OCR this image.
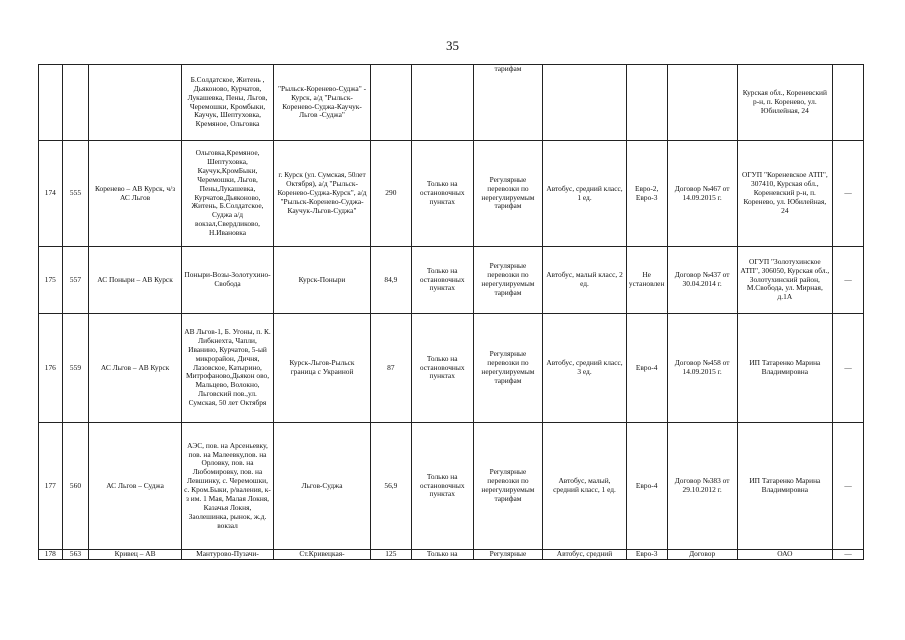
35
			Б.Солдатское, Житень , Дьяконово, Курчатов, Лукашевка, Пены, Льгов, Черемошки, Кромбыки, Каучук, Шептуховка, Кремяное, Ольговка	"Рыльск-Кореневo-Суджа" - Курск, а/д "Рыльск-Кореневo-Суджа-Каучук-Льгов -Суджа"			тарифам				Курская обл., Кореневский р-н, п. Коренево, ул. Юбилейная, 24	
174	555	Коренево – АВ Курск, ч/з АС Льгов	Ольговка,Кремяное, Шептуховка, Каучук,КромБыки, Черемошки, Льгов, Пены,Лукашевка, Курчатов,Дьяконово, Житень, Б.Солдатское, Суджа а/д вокзал,Свердликово, Н.Ивановка	г. Курск (ул. Сумская, 50лет Октября), а/д "Рыльск-Коренево-Суджа-Курск", а/д "Рыльск-Коренево-Суджа-Каучук-Льгов-Суджа"	290	Только на остановочных пунктах	Регулярные перевозки по нерегулируемым тарифам	Автобус, средний класс, 1 ед.	Евро-2, Евро-3	Договор №467 от 14.09.2015 г.	ОГУП "Кореневское АТП", 307410, Курская обл., Кореневский р-н, п. Коренево, ул. Юбилейная, 24	—
175	557	АС Поныри – АВ Курск	Поныри-Возы-Золотухино-Свобода	Курск-Поныри	84,9	Только на остановочных пунктах	Регулярные перевозки по нерегулируемым тарифам	Автобус, малый класс, 2 ед.	Не установлен	Договор №437 от 30.04.2014 г.	ОГУП "Золотухинское АТП", 306050, Курская обл., Золотухинский район, М.Свобода, ул. Мирная, д.1А	—
176	559	АС Льгов – АВ Курск	АВ Льгов-1, Б. Угоны, п. К. Либкнехта, Чапли, Иванино, Курчатов, 5-ый микрорайон, Дичня, Лазовское, Катырино, Митрофаново,Дьякон ово, Мальцево, Волокно, Льговский пов.,ул. Сумская, 50 лет Октября	Курск-Льгов-Рыльск граница с Украиной	87	Только на остановочных пунктах	Регулярные перевозки по нерегулируемым тарифам	Автобус, средний класс, 3 ед.	Евро-4	Договор №458 от 14.09.2015 г.	ИП Татаренко Марина Владимировна	—
177	560	АС Льгов – Суджа	АЭС, пов. на Арсеньевку, пов. на Малеевку,пов. на Орловку, пов. на Любомировку, пов. на Левшинку, с. Черемошки, с. Кром.Быки, р/валения, к-з им. 1 Мая, Малая Локня, Казачья Локня, Заолешинка, рынок, ж.д. вокзал	Льгов-Суджа	56,9	Только на остановочных пунктах	Регулярные перевозки по нерегулируемым тарифам	Автобус, малый, средний класс, 1 ед.	Евро-4	Договор №383 от 29.10.2012 г.	ИП Татаренко Марина Владимировна	—
178	563	Кривец – АВ	Мантурово-Пузачи-	Ст.Кривецкая-	125	Только на	Регулярные	Автобус, средний	Евро-3	Договор	ОАО	—
